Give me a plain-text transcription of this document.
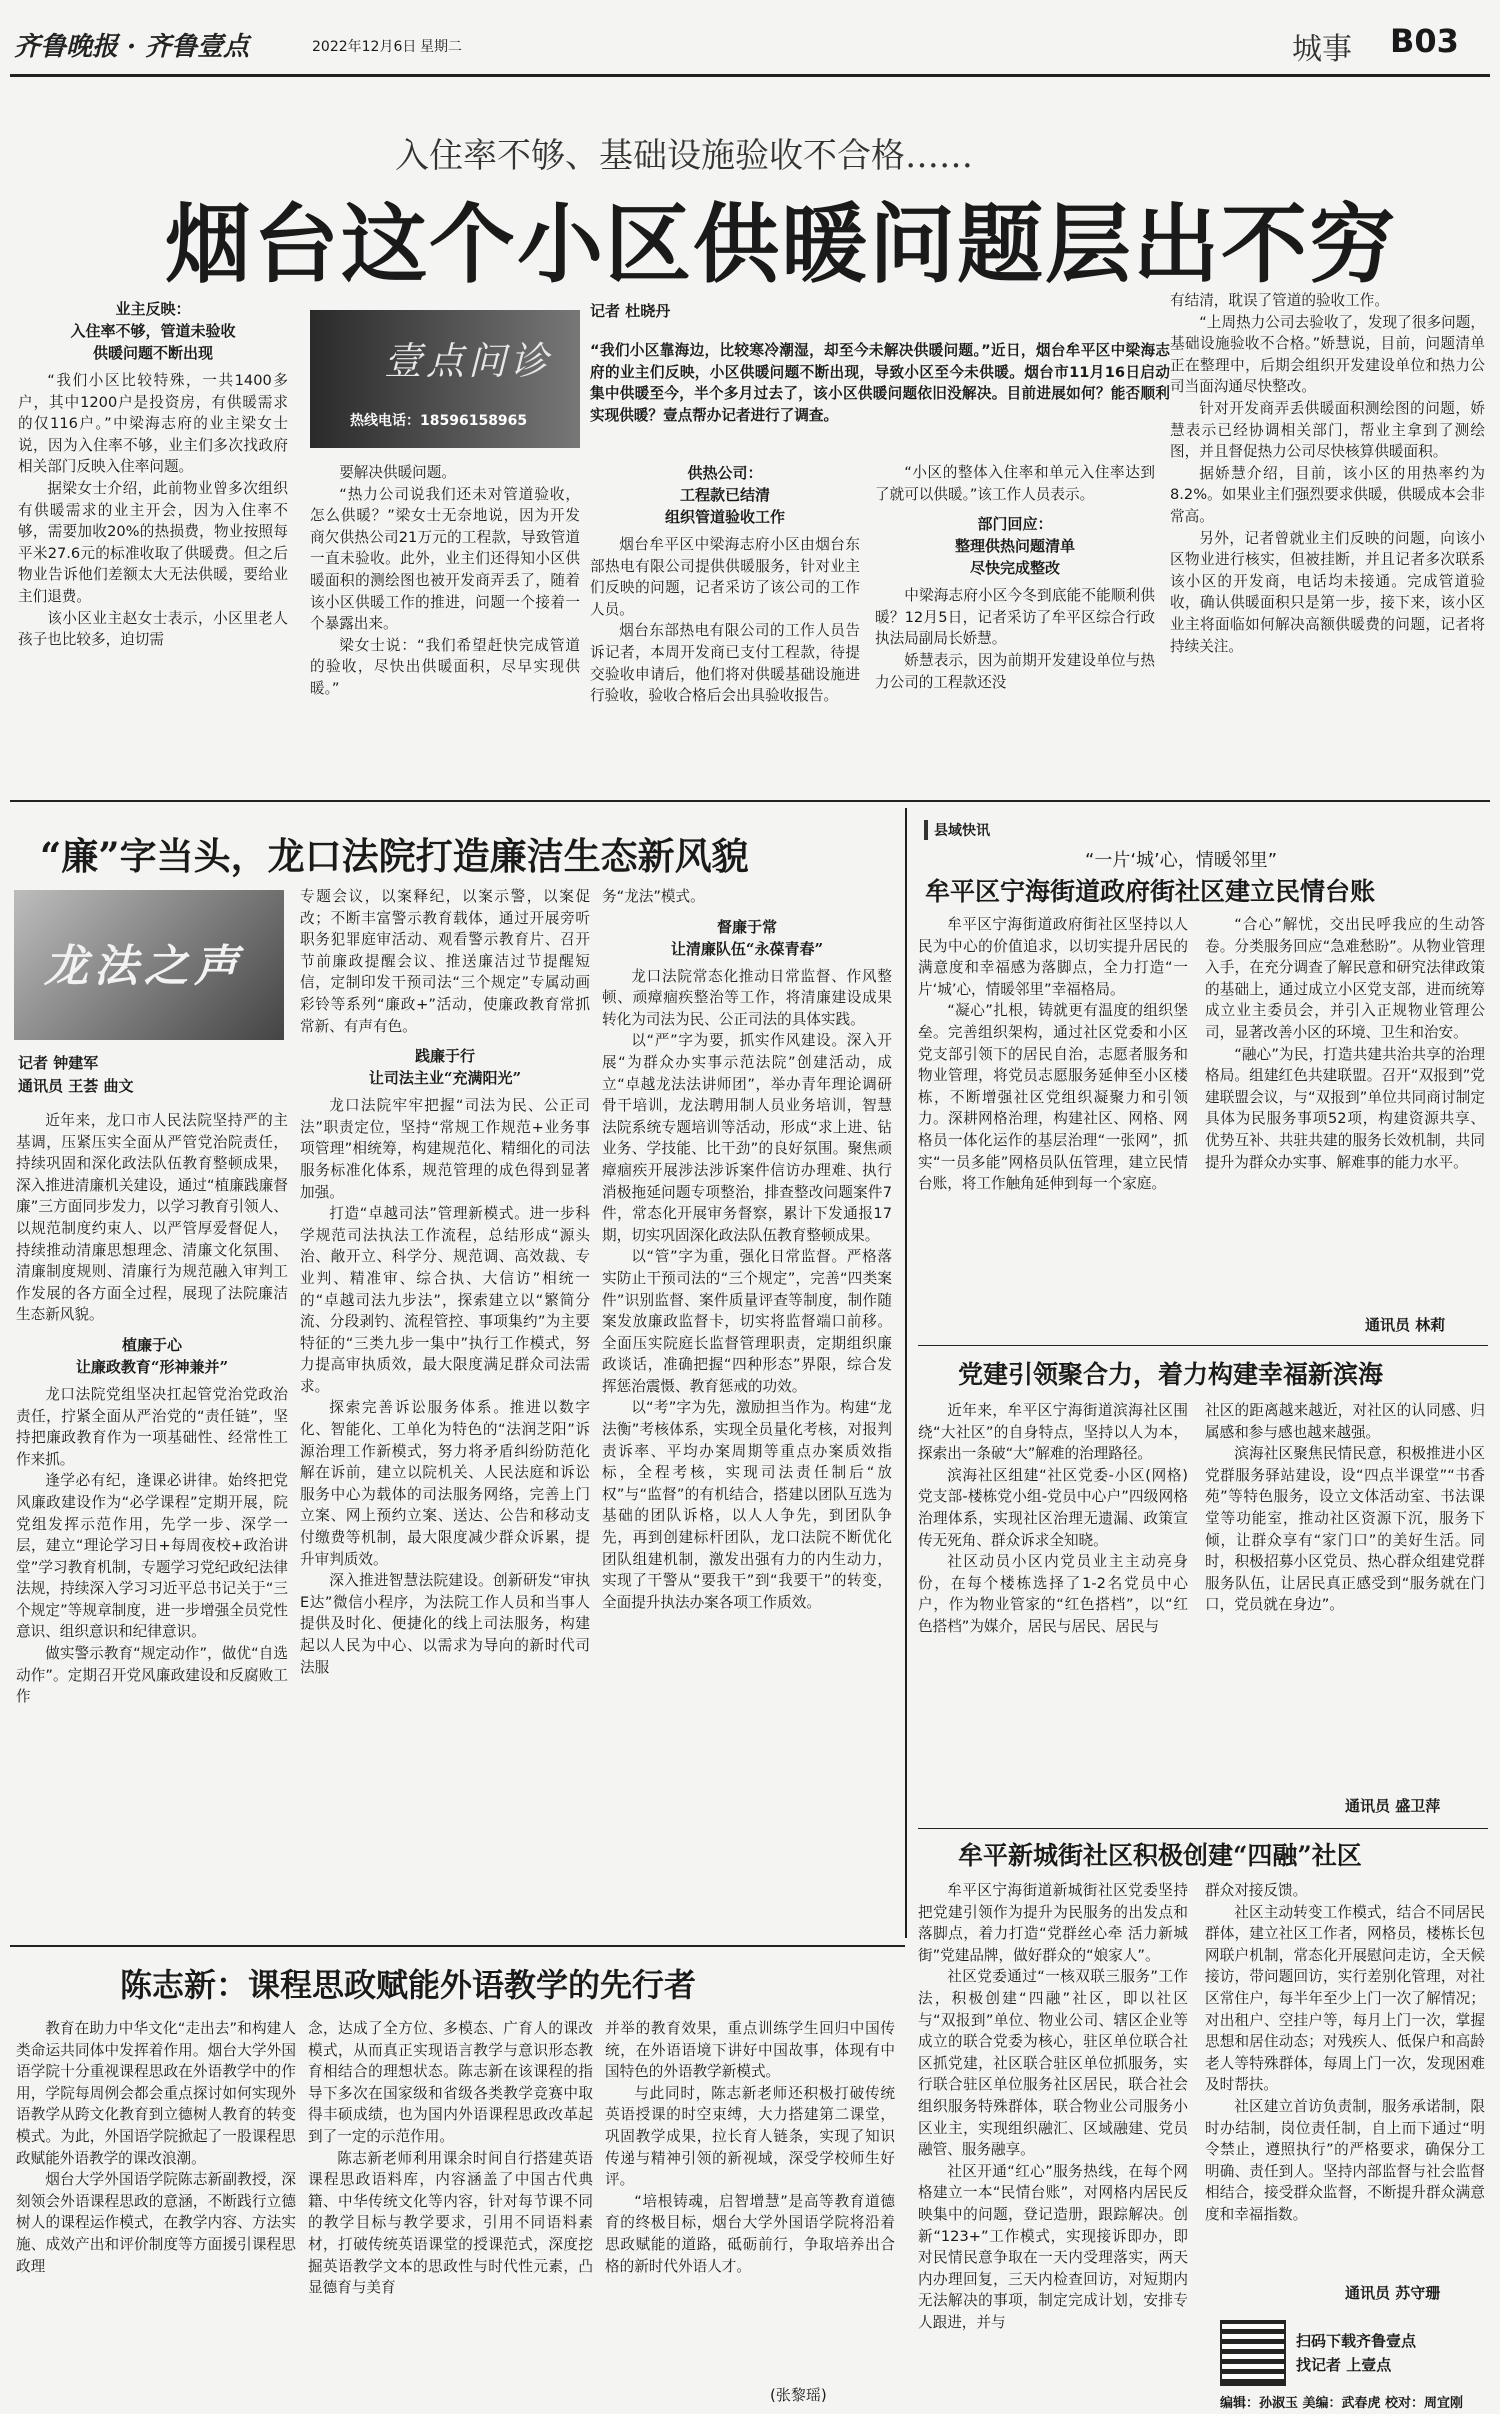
齐鲁晚报 · 齐鲁壹点	2022年12月6日 星期二	城事 B03
入住率不够、基础设施验收不合格……
烟台这个小区供暖问题层出不穷
业主反映：
入住率不够，管道未验收
供暖问题不断出现

“我们小区比较特殊，一共1400多户，其中1200户是投资房，有供暖需求的仅116户。”中梁海志府的业主梁女士说，因为入住率不够，业主们多次找政府相关部门反映入住率问题。

据梁女士介绍，此前物业曾多次组织有供暖需求的业主开会，因为入住率不够，需要加收20%的热损费，物业按照每平米27.6元的标准收取了供暖费。但之后物业告诉他们差额太大无法供暖，要给业主们退费。

该小区业主赵女士表示，小区里老人孩子也比较多，迫切需

壹点问诊
热线电话：18596158965
记者 杜晓丹
“我们小区靠海边，比较寒冷潮湿，却至今未解决供暖问题。”近日，烟台牟平区中梁海志府的业主们反映，小区供暖问题不断出现，导致小区至今未供暖。烟台市11月16日启动集中供暖至今，半个多月过去了，该小区供暖问题依旧没解决。目前进展如何？能否顺利实现供暖？壹点帮办记者进行了调查。

要解决供暖问题。

“热力公司说我们还未对管道验收，怎么供暖？”梁女士无奈地说，因为开发商欠供热公司21万元的工程款，导致管道一直未验收。此外，业主们还得知小区供暖面积的测绘图也被开发商弄丢了，随着该小区供暖工作的推进，问题一个接着一个暴露出来。

梁女士说：“我们希望赶快完成管道的验收，尽快出供暖面积，尽早实现供暖。”

供热公司：
工程款已结清
组织管道验收工作

烟台牟平区中梁海志府小区由烟台东部热电有限公司提供供暖服务，针对业主们反映的问题，记者采访了该公司的工作人员。

烟台东部热电有限公司的工作人员告诉记者，本周开发商已支付工程款，待提交验收申请后，他们将对供暖基础设施进行验收，验收合格后会出具验收报告。

“小区的整体入住率和单元入住率达到了就可以供暖。”该工作人员表示。

部门回应：
整理供热问题清单
尽快完成整改

中梁海志府小区今冬到底能不能顺利供暖？12月5日，记者采访了牟平区综合行政执法局副局长娇慧。

娇慧表示，因为前期开发建设单位与热力公司的工程款还没

有结清，耽误了管道的验收工作。

“上周热力公司去验收了，发现了很多问题，基础设施验收不合格。”娇慧说，目前，问题清单正在整理中，后期会组织开发建设单位和热力公司当面沟通尽快整改。

针对开发商弄丢供暖面积测绘图的问题，娇慧表示已经协调相关部门，帮业主拿到了测绘图，并且督促热力公司尽快核算供暖面积。

据娇慧介绍，目前，该小区的用热率约为8.2%。如果业主们强烈要求供暖，供暖成本会非常高。

另外，记者曾就业主们反映的问题，向该小区物业进行核实，但被挂断，并且记者多次联系该小区的开发商，电话均未接通。完成管道验收，确认供暖面积只是第一步，接下来，该小区业主将面临如何解决高额供暖费的问题，记者将持续关注。

“廉”字当头，龙口法院打造廉洁生态新风貌
龙法之声
记者 钟建军
通讯员 王荟 曲文

近年来，龙口市人民法院坚持严的主基调，压紧压实全面从严管党治院责任，持续巩固和深化政法队伍教育整顿成果，深入推进清廉机关建设，通过“植廉践廉督廉”三方面同步发力，以学习教育引领人、以规范制度约束人、以严管厚爱督促人，持续推动清廉思想理念、清廉文化氛围、清廉制度规则、清廉行为规范融入审判工作发展的各方面全过程，展现了法院廉洁生态新风貌。

植廉于心
让廉政教育“形神兼并”

龙口法院党组坚决扛起管党治党政治责任，拧紧全面从严治党的“责任链”，坚持把廉政教育作为一项基础性、经常性工作来抓。

逢学必有纪，逢课必讲律。始终把党风廉政建设作为“必学课程”定期开展，院党组发挥示范作用，先学一步、深学一层，建立“理论学习日+每周夜校+政治讲堂”学习教育机制，专题学习党纪政纪法律法规，持续深入学习习近平总书记关于“三个规定”等规章制度，进一步增强全员党性意识、组织意识和纪律意识。

做实警示教育“规定动作”，做优“自选动作”。定期召开党风廉政建设和反腐败工作

专题会议，以案释纪，以案示警，以案促改；不断丰富警示教育载体，通过开展旁听职务犯罪庭审活动、观看警示教育片、召开节前廉政提醒会议、推送廉洁过节提醒短信，定制印发干预司法“三个规定”专属动画彩铃等系列“廉政+”活动，使廉政教育常抓常新、有声有色。

践廉于行
让司法主业“充满阳光”

龙口法院牢牢把握“司法为民、公正司法”职责定位，坚持“常规工作规范+业务事项管理”相统筹，构建规范化、精细化的司法服务标准化体系，规范管理的成色得到显著加强。

打造“卓越司法”管理新模式。进一步科学规范司法执法工作流程，总结形成“源头治、敞开立、科学分、规范调、高效裁、专业判、精准审、综合执、大信访”相统一的“卓越司法九步法”，探索建立以“繁简分流、分段剥钓、流程管控、事项集约”为主要特征的“三类九步一集中”执行工作模式，努力提高审执质效，最大限度满足群众司法需求。

探索完善诉讼服务体系。推进以数字化、智能化、工单化为特色的“法润芝阳”诉源治理工作新模式，努力将矛盾纠纷防范化解在诉前，建立以院机关、人民法庭和诉讼服务中心为载体的司法服务网络，完善上门立案、网上预约立案、送达、公告和移动支付缴费等机制，最大限度减少群众诉累，提升审判质效。

深入推进智慧法院建设。创新研发“审执E达”微信小程序，为法院工作人员和当事人提供及时化、便捷化的线上司法服务，构建起以人民为中心、以需求为导向的新时代司法服

务“龙法”模式。

督廉于常
让清廉队伍“永葆青春”

龙口法院常态化推动日常监督、作风整顿、顽瘴痼疾整治等工作，将清廉建设成果转化为司法为民、公正司法的具体实践。

以“严”字为要，抓实作风建设。深入开展“为群众办实事示范法院”创建活动，成立“卓越龙法法讲师团”，举办青年理论调研骨干培训，龙法聘用制人员业务培训，智慧法院系统专题培训等活动，形成“求上进、钻业务、学技能、比干劲”的良好氛围。聚焦顽瘴痼疾开展涉法涉诉案件信访办理难、执行消极拖延问题专项整治，排查整改问题案件7件，常态化开展审务督察，累计下发通报17期，切实巩固深化政法队伍教育整顿成果。

以“管”字为重，强化日常监督。严格落实防止干预司法的“三个规定”，完善“四类案件”识别监督、案件质量评查等制度，制作随案发放廉政监督卡，切实将监督端口前移。全面压实院庭长监督管理职责，定期组织廉政谈话，准确把握“四种形态”界限，综合发挥惩治震慑、教育惩戒的功效。

以“考”字为先，激励担当作为。构建“龙法衡”考核体系，实现全员量化考核，对报判责诉率、平均办案周期等重点办案质效指标，全程考核，实现司法责任制后“放权”与“监督”的有机结合，搭建以团队互选为基础的团队诉格，以人人争先，到团队争先，再到创建标杆团队，龙口法院不断优化团队组建机制，激发出强有力的内生动力，实现了干警从“要我干”到“我要干”的转变，全面提升执法办案各项工作质效。

县域快讯
“一片‘城’心，情暖邻里”
牟平区宁海街道政府街社区建立民情台账

牟平区宁海街道政府街社区坚持以人民为中心的价值追求，以切实提升居民的满意度和幸福感为落脚点，全力打造“一片‘城’心，情暖邻里”幸福格局。

“凝心”扎根，铸就更有温度的组织堡垒。完善组织架构，通过社区党委和小区党支部引领下的居民自治，志愿者服务和物业管理，将党员志愿服务延伸至小区楼栋，不断增强社区党组织凝聚力和引领力。深耕网格治理，构建社区、网格、网格员一体化运作的基层治理“一张网”，抓实“一员多能”网格员队伍管理，建立民情台账，将工作触角延伸到每一个家庭。

“合心”解忧，交出民呼我应的生动答卷。分类服务回应“急难愁盼”。从物业管理入手，在充分调查了解民意和研究法律政策的基础上，通过成立小区党支部，进而统筹成立业主委员会，并引入正规物业管理公司，显著改善小区的环境、卫生和治安。

“融心”为民，打造共建共治共享的治理格局。组建红色共建联盟。召开“双报到”党建联盟会议，与“双报到”单位共同商讨制定具体为民服务事项52项，构建资源共享、优势互补、共驻共建的服务长效机制，共同提升为群众办实事、解难事的能力水平。

通讯员 林莉
党建引领聚合力，着力构建幸福新滨海

近年来，牟平区宁海街道滨海社区围绕“大社区”的自身特点，坚持以人为本，探索出一条破“大”解难的治理路径。

滨海社区组建“社区党委-小区(网格)党支部-楼栋党小组-党员中心户”四级网格治理体系，实现社区治理无遗漏、政策宣传无死角、群众诉求全知晓。

社区动员小区内党员业主主动亮身份，在每个楼栋选择了1-2名党员中心户，作为物业管家的“红色搭档”，以“红色搭档”为媒介，居民与居民、居民与

社区的距离越来越近，对社区的认同感、归属感和参与感也越来越强。

滨海社区聚焦民情民意，积极推进小区党群服务驿站建设，设“四点半课堂”“书香苑”等特色服务，设立文体活动室、书法课堂等功能室，推动社区资源下沉，服务下倾，让群众享有“家门口”的美好生活。同时，积极招募小区党员、热心群众组建党群服务队伍，让居民真正感受到“服务就在门口，党员就在身边”。

通讯员 盛卫萍
牟平新城街社区积极创建“四融”社区

牟平区宁海街道新城街社区党委坚持把党建引领作为提升为民服务的出发点和落脚点，着力打造“党群丝心牵 活力新城街”党建品牌，做好群众的“娘家人”。

社区党委通过“一核双联三服务”工作法，积极创建“四融”社区，即以社区与“双报到”单位、物业公司、辖区企业等成立的联合党委为核心，驻区单位联合社区抓党建，社区联合驻区单位抓服务，实行联合驻区单位服务社区居民，联合社会组织服务特殊群体，联合物业公司服务小区业主，实现组织融汇、区域融建、党员融管、服务融享。

社区开通“红心”服务热线，在每个网格建立一本“民情台账”，对网格内居民反映集中的问题，登记造册，跟踪解决。创新“123+”工作模式，实现接诉即办，即对民情民意争取在一天内受理落实，两天内办理回复，三天内检查回访，对短期内无法解决的事项，制定完成计划，安排专人跟进，并与

群众对接反馈。

社区主动转变工作模式，结合不同居民群体，建立社区工作者，网格员，楼栋长包网联户机制，常态化开展慰问走访，全天候接访，带问题回访，实行差别化管理，对社区常住户，每半年至少上门一次了解情况；对出租户、空挂户等，每月上门一次，掌握思想和居住动态；对残疾人、低保户和高龄老人等特殊群体，每周上门一次，发现困难及时帮扶。

社区建立首访负责制，服务承诺制，限时办结制，岗位责任制，自上而下通过“明令禁止，遵照执行”的严格要求，确保分工明确、责任到人。坚持内部监督与社会监督相结合，接受群众监督，不断提升群众满意度和幸福指数。

通讯员 苏守珊
扫码下载齐鲁壹点
找记者 上壹点
编辑：孙淑玉 美编：武春虎 校对：周宜刚
陈志新：课程思政赋能外语教学的先行者

教育在助力中华文化“走出去”和构建人类命运共同体中发挥着作用。烟台大学外国语学院十分重视课程思政在外语教学中的作用，学院每周例会都会重点探讨如何实现外语教学从跨文化教育到立德树人教育的转变模式。为此，外国语学院掀起了一股课程思政赋能外语教学的课改浪潮。

烟台大学外国语学院陈志新副教授，深刻领会外语课程思政的意涵，不断践行立德树人的课程运作模式，在教学内容、方法实施、成效产出和评价制度等方面援引课程思政理

念，达成了全方位、多模态、广育人的课改模式，从而真正实现语言教学与意识形态教育相结合的理想状态。陈志新在该课程的指导下多次在国家级和省级各类教学竞赛中取得丰硕成绩，也为国内外语课程思政改革起到了一定的示范作用。

陈志新老师利用课余时间自行搭建英语课程思政语料库，内容涵盖了中国古代典籍、中华传统文化等内容，针对每节课不同的教学目标与教学要求，引用不同语料素材，打破传统英语课堂的授课范式，深度挖掘英语教学文本的思政性与时代性元素，凸显德育与美育

并举的教育效果，重点训练学生回归中国传统，在外语语境下讲好中国故事，体现有中国特色的外语教学新模式。

与此同时，陈志新老师还积极打破传统英语授课的时空束缚，大力搭建第二课堂，巩固教学成果，拉长育人链条，实现了知识传递与精神引领的新视域，深受学校师生好评。

“培根铸魂，启智增慧”是高等教育道德育的终极目标，烟台大学外国语学院将沿着思政赋能的道路，砥砺前行，争取培养出合格的新时代外语人才。

(张黎瑶)
